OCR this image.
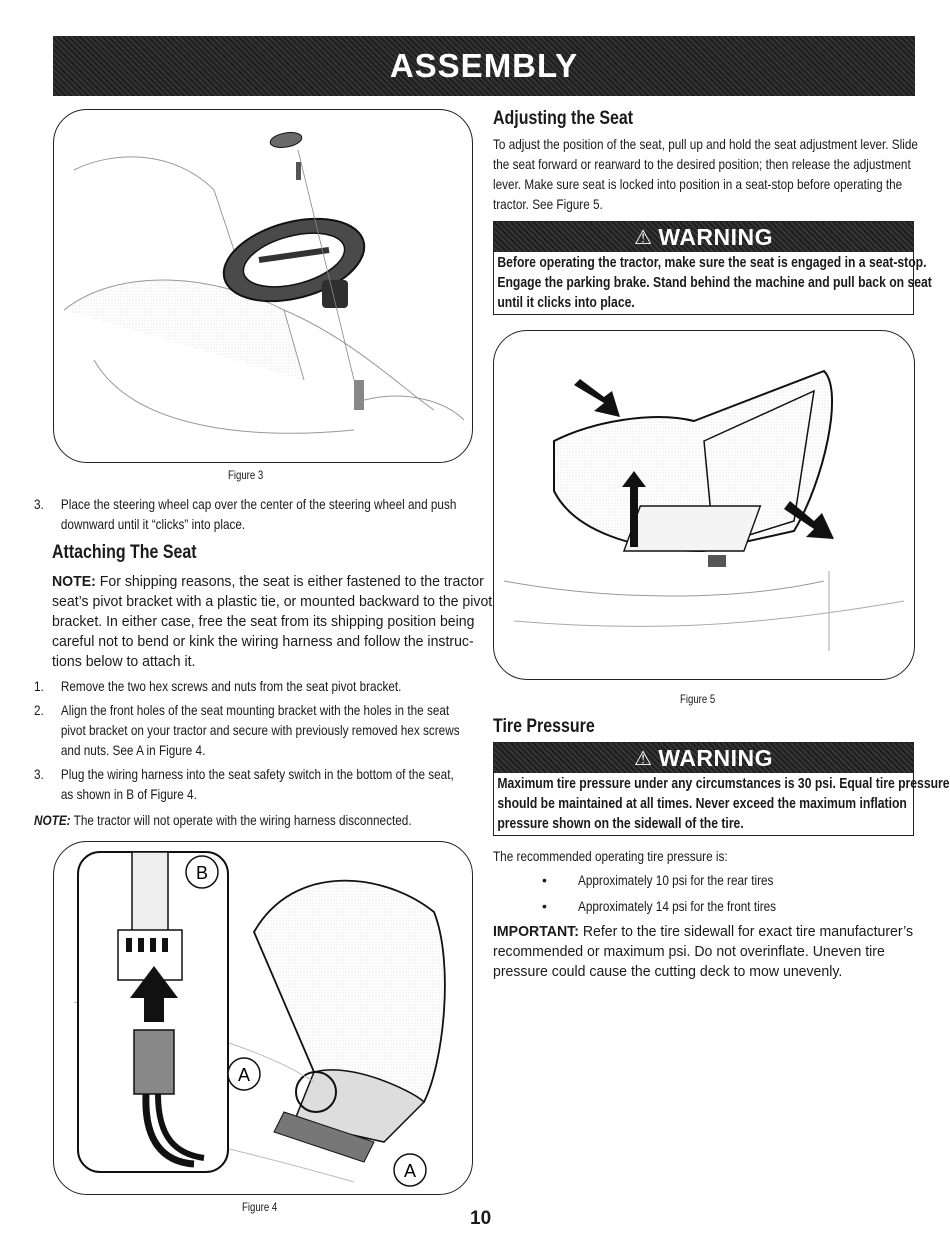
ASSEMBLY
Figure 3
3. Place the steering wheel cap over the center of the steering wheel and push
downward until it “clicks” into place.
Attaching The Seat
NOTE: For shipping reasons, the seat is either fastened to the tractor
seat’s pivot bracket with a plastic tie, or mounted backward to the pivot
bracket. In either case, free the seat from its shipping position being
careful not to bend or kink the wiring harness and follow the instruc-
tions below to attach it.
1. Remove the two hex screws and nuts from the seat pivot bracket.
2. Align the front holes of the seat mounting bracket with the holes in the seat
pivot bracket on your tractor and secure with previously removed hex screws
and nuts. See A in Figure 4.
3. Plug the wiring harness into the seat safety switch in the bottom of the seat,
as shown in B of Figure 4.
NOTE: The tractor will not operate with the wiring harness disconnected.
B
A
A
Figure 4
Adjusting the Seat
To adjust the position of the seat, pull up and hold the seat adjustment lever. Slide
the seat forward or rearward to the desired position; then release the adjustment
lever. Make sure seat is locked into position in a seat-stop before operating the
tractor. See Figure 5.
⚠ WARNING
Before operating the tractor, make sure the seat is engaged in a seat-stop.
Engage the parking brake. Stand behind the machine and pull back on seat
until it clicks into place.
Figure 5
Tire Pressure
⚠ WARNING
Maximum tire pressure under any circumstances is 30 psi. Equal tire pressure
should be maintained at all times. Never exceed the maximum inflation
pressure shown on the sidewall of the tire.
The recommended operating tire pressure is:
• Approximately 10 psi for the rear tires
• Approximately 14 psi for the front tires
IMPORTANT: Refer to the tire sidewall for exact tire manufacturer’s
recommended or maximum psi. Do not overinflate. Uneven tire
pressure could cause the cutting deck to mow unevenly.
10
